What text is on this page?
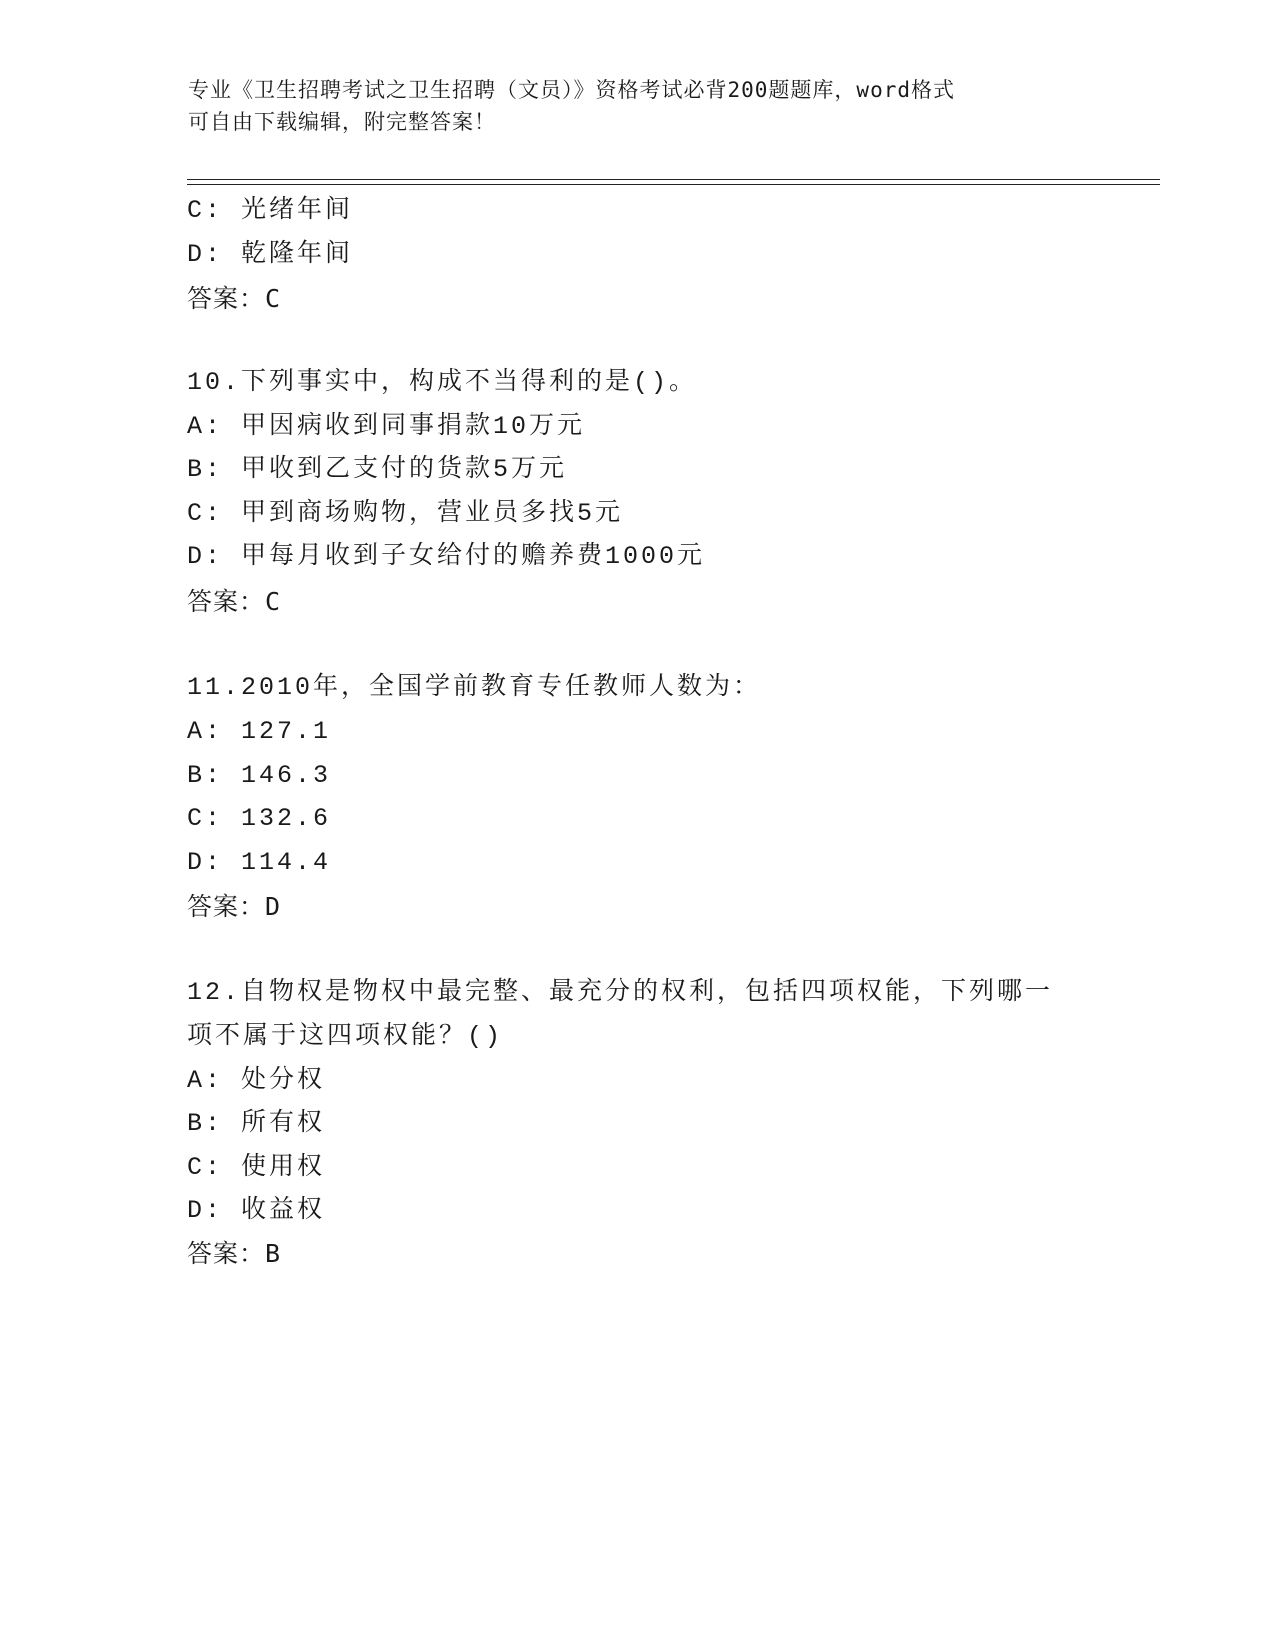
专业《卫生招聘考试之卫生招聘（文员）》资格考试必背200题题库，word格式
可自由下载编辑，附完整答案！
C: 光绪年间
D: 乾隆年间
答案：C
10.下列事实中，构成不当得利的是()。
A: 甲因病收到同事捐款10万元
B: 甲收到乙支付的货款5万元
C: 甲到商场购物，营业员多找5元
D: 甲每月收到子女给付的赡养费1000元
答案：C
11.2010年，全国学前教育专任教师人数为：
A: 127.1
B: 146.3
C: 132.6
D: 114.4
答案：D
12.自物权是物权中最完整、最充分的权利，包括四项权能，下列哪一
项不属于这四项权能？()
A: 处分权
B: 所有权
C: 使用权
D: 收益权
答案：B
